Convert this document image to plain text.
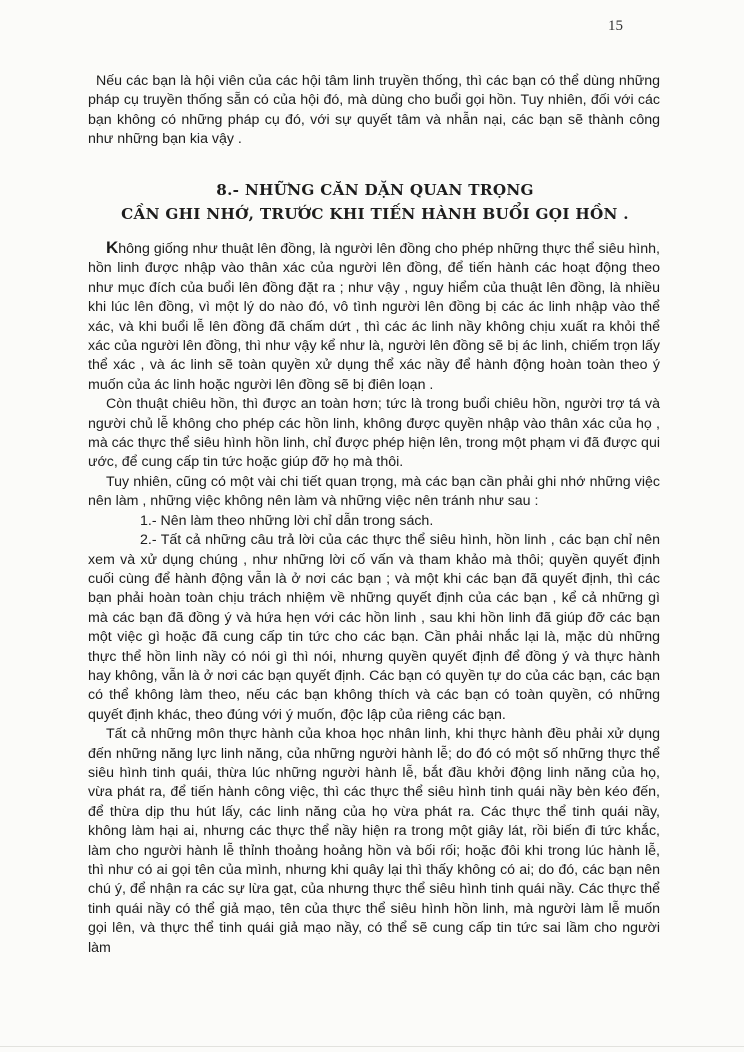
15

Nếu các bạn là hội viên của các hội tâm linh truyền thống, thì các bạn có thể dùng những pháp cụ truyền thống sẵn có của hội đó, mà dùng cho buổi gọi hồn. Tuy nhiên, đối với các bạn không có những pháp cụ đó, với sự quyết tâm và nhẫn nại, các bạn sẽ thành công như những bạn kia vậy .

8.- NHỮNG CĂN DẶN QUAN TRỌNG
CẦN GHI NHỚ, TRƯỚC KHI TIẾN HÀNH BUỔI GỌI HỒN .

Không giống như thuật lên đồng, là người lên đồng cho phép những thực thể siêu hình, hồn linh được nhập vào thân xác của người lên đồng, để tiến hành các hoạt động theo như mục đích của buổi lên đồng đặt ra ; như vậy , nguy hiểm của thuật lên đồng, là nhiều khi lúc lên đồng, vì một lý do nào đó, vô tình người lên đồng bị các ác linh nhập vào thể xác, và khi buổi lễ lên đồng đã chấm dứt , thì các ác linh nầy không chịu xuất ra khỏi thể xác của người lên đồng, thì như vậy kể như là, người lên đồng sẽ bị ác linh, chiếm trọn lấy thể xác , và ác linh sẽ toàn quyền xử dụng thể xác nầy để hành động hoàn toàn theo ý muốn của ác linh hoặc người lên đồng sẽ bị điên loạn .

Còn thuật chiêu hồn, thì được an toàn hơn; tức là trong buổi chiêu hồn, người trợ tá và người chủ lễ không cho phép các hồn linh, không được quyền nhập vào thân xác của họ , mà các thực thể siêu hình hồn linh, chỉ được phép hiện lên, trong một phạm vi đã được qui ước, để cung cấp tin tức hoặc giúp đỡ họ mà thôi.

Tuy nhiên, cũng có một vài chi tiết quan trọng, mà các bạn cần phải ghi nhớ những việc nên làm , những việc không nên làm và những việc nên tránh như sau :

1.- Nên làm theo những lời chỉ dẫn trong sách.

2.- Tất cả những câu trả lời của các thực thể siêu hình, hồn linh , các bạn chỉ nên xem và xử dụng chúng , như những lời cố vấn và tham khảo mà thôi; quyền quyết định cuối cùng để hành động vẫn là ở nơi các bạn ; và một khi các bạn đã quyết định, thì các bạn phải hoàn toàn chịu trách nhiệm về những quyết định của các bạn , kể cả những gì mà các bạn đã đồng ý và hứa hẹn với các hồn linh , sau khi hồn linh đã giúp đỡ các bạn một việc gì hoặc đã cung cấp tin tức cho các bạn. Cần phải nhắc lại là, mặc dù những thực thể hồn linh nầy có nói gì thì nói, nhưng quyền quyết định để đồng ý và thực hành hay không, vẫn là ở nơi các bạn quyết định. Các bạn có quyền tự do của các bạn, các bạn có thể không làm theo, nếu các bạn không thích và các bạn có toàn quyền, có những quyết định khác, theo đúng với ý muốn, độc lập của riêng các bạn.

Tất cả những môn thực hành của khoa học nhân linh, khi thực hành đều phải xử dụng đến những năng lực linh năng, của những người hành lễ; do đó có một số những thực thể siêu hình tinh quái, thừa lúc những người hành lễ, bắt đầu khởi động linh năng của họ, vừa phát ra, để tiến hành công việc, thì các thực thể siêu hình tinh quái nầy bèn kéo đến, để thừa dịp thu hút lấy, các linh năng của họ vừa phát ra. Các thực thể tinh quái nầy, không làm hại ai, nhưng các thực thể nầy hiện ra trong một giây lát, rồi biến đi tức khắc, làm cho người hành lễ thỉnh thoảng hoảng hồn và bối rối; hoặc đôi khi trong lúc hành lễ, thì như có ai gọi tên của mình, nhưng khi quây lại thì thấy không có ai; do đó, các bạn nên chú ý, để nhận ra các sự lừa gạt, của nhưng thực thể siêu hình tinh quái nầy. Các thực thể tinh quái nầy có thể giả mạo, tên của thực thể siêu hình hồn linh, mà người làm lễ muốn gọi lên, và thực thể tinh quái giả mạo nầy, có thể sẽ cung cấp tin tức sai lầm cho người làm
